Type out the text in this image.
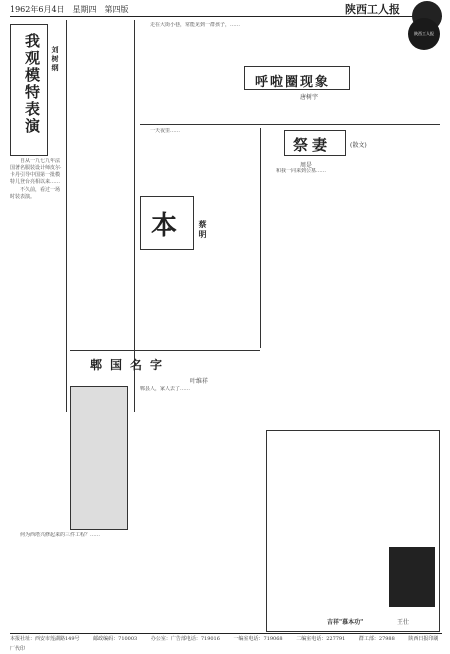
1962年6月4日　星期四　第四版	陕西工人报
我观模特表演 刘树纲

自从一九七九年法国著名服装设计师皮尔·卡丹引导中国第一批模特儿登台亮相以来……

不久前，看过一场时装表演。

呼啦圈现象
唐树宇

走在大街小巷，常能见到一群孩子，……

陕西工人报
本	蔡明

一天夜里……

祭妻	(散文)
周是

和我一同来到公墓……

郫国名字
叶维祥

郫县人，家人去了……

何为西塔兴修起来的三件工程？……

吉祥"慕本功"	王仕
本报社址：西安市莲湖路149号	邮政编码：710003	办公室：广告部电话：719016	一编室电话：719068	二编室电话：227791	群工部：27988	陕西日报印刷厂代印
